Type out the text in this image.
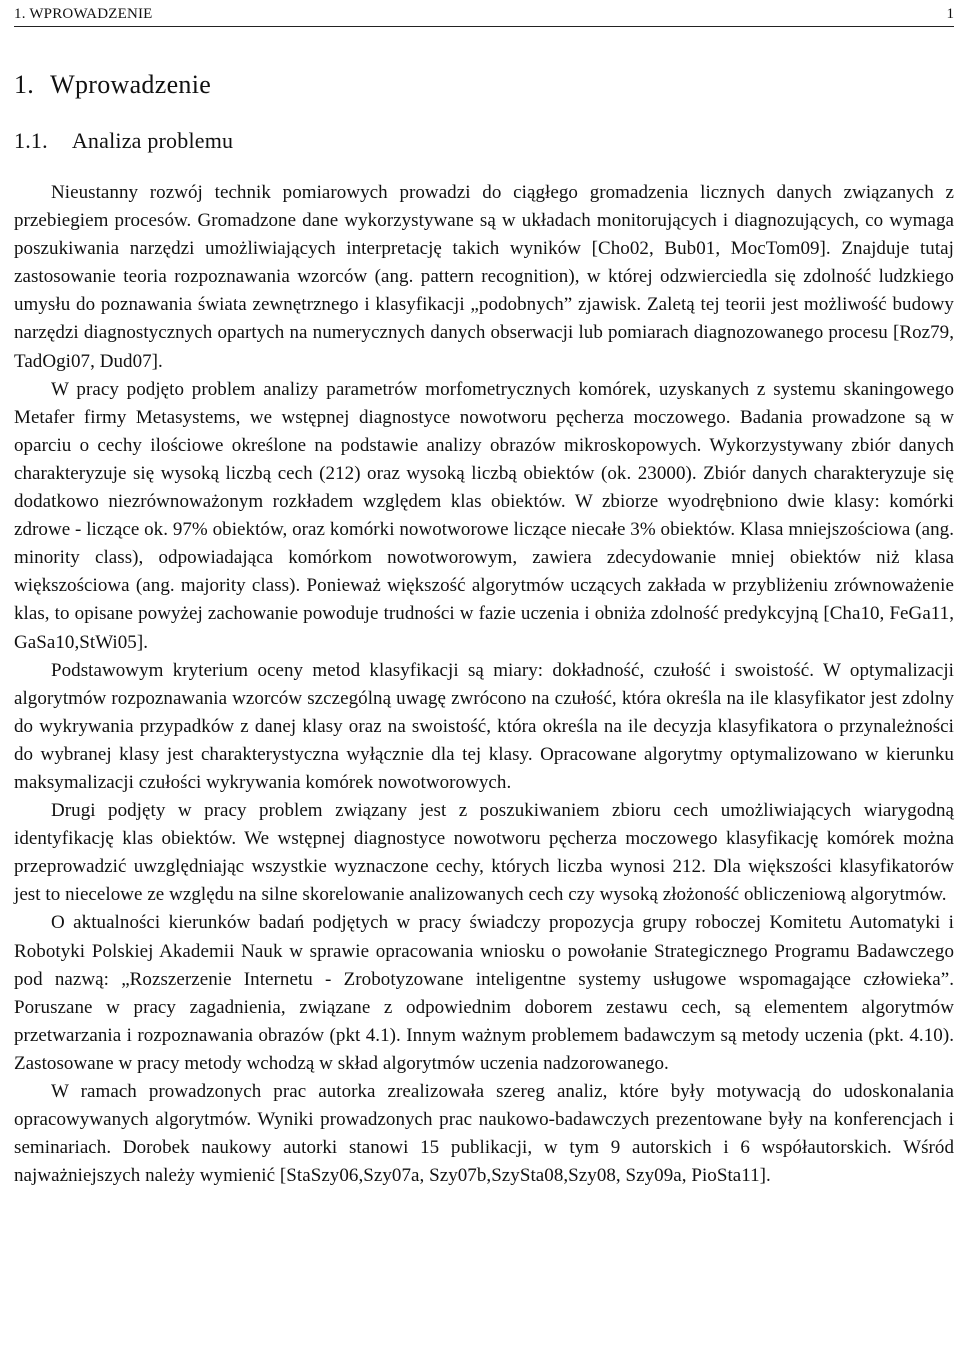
1. WPROWADZENIE	1
1. Wprowadzenie
1.1. Analiza problemu

Nieustanny rozwój technik pomiarowych prowadzi do ciągłego gromadzenia licznych danych związanych z przebiegiem procesów. Gromadzone dane wykorzystywane są w układach monitorujących i diagnozujących, co wymaga poszukiwania narzędzi umożliwiających interpretację takich wyników [Cho02, Bub01, MocTom09]. Znajduje tutaj zastosowanie teoria rozpoznawania wzorców (ang. pattern recognition), w której odzwierciedla się zdolność ludzkiego umysłu do poznawania świata zewnętrznego i klasyfikacji „podobnych” zjawisk. Zaletą tej teorii jest możliwość budowy narzędzi diagnostycznych opartych na numerycznych danych obserwacji lub pomiarach diagnozowanego procesu [Roz79, TadOgi07, Dud07].

W pracy podjęto problem analizy parametrów morfometrycznych komórek, uzyskanych z systemu skaningowego Metafer firmy Metasystems, we wstępnej diagnostyce nowotworu pęcherza moczowego. Badania prowadzone są w oparciu o cechy ilościowe określone na podstawie analizy obrazów mikroskopowych. Wykorzystywany zbiór danych charakteryzuje się wysoką liczbą cech (212) oraz wysoką liczbą obiektów (ok. 23000). Zbiór danych charakteryzuje się dodatkowo niezrównoważonym rozkładem względem klas obiektów. W zbiorze wyodrębniono dwie klasy: komórki zdrowe - liczące ok. 97% obiektów, oraz komórki nowotworowe liczące niecałe 3% obiektów. Klasa mniejszościowa (ang. minority class), odpowiadająca komórkom nowotworowym, zawiera zdecydowanie mniej obiektów niż klasa większościowa (ang. majority class). Ponieważ większość algorytmów uczących zakłada w przybliżeniu zrównoważenie klas, to opisane powyżej zachowanie powoduje trudności w fazie uczenia i obniża zdolność predykcyjną [Cha10, FeGa11, GaSa10,StWi05].

Podstawowym kryterium oceny metod klasyfikacji są miary: dokładność, czułość i swoistość. W optymalizacji algorytmów rozpoznawania wzorców szczególną uwagę zwrócono na czułość, która określa na ile klasyfikator jest zdolny do wykrywania przypadków z danej klasy oraz na swoistość, która określa na ile decyzja klasyfikatora o przynależności do wybranej klasy jest charakterystyczna wyłącznie dla tej klasy. Opracowane algorytmy optymalizowano w kierunku maksymalizacji czułości wykrywania komórek nowotworowych.

Drugi podjęty w pracy problem związany jest z poszukiwaniem zbioru cech umożliwiających wiarygodną identyfikację klas obiektów. We wstępnej diagnostyce nowotworu pęcherza moczowego klasyfikację komórek można przeprowadzić uwzględniając wszystkie wyznaczone cechy, których liczba wynosi 212. Dla większości klasyfikatorów jest to niecelowe ze względu na silne skorelowanie analizowanych cech czy wysoką złożoność obliczeniową algorytmów.

O aktualności kierunków badań podjętych w pracy świadczy propozycja grupy roboczej Komitetu Automatyki i Robotyki Polskiej Akademii Nauk w sprawie opracowania wniosku o powołanie Strategicznego Programu Badawczego pod nazwą: „Rozszerzenie Internetu - Zrobotyzowane inteligentne systemy usługowe wspomagające człowieka”. Poruszane w pracy zagadnienia, związane z odpowiednim doborem zestawu cech, są elementem algorytmów przetwarzania i rozpoznawania obrazów (pkt 4.1). Innym ważnym problemem badawczym są metody uczenia (pkt. 4.10). Zastosowane w pracy metody wchodzą w skład algorytmów uczenia nadzorowanego.

W ramach prowadzonych prac autorka zrealizowała szereg analiz, które były motywacją do udoskonalania opracowywanych algorytmów. Wyniki prowadzonych prac naukowo-badawczych prezentowane były na konferencjach i seminariach. Dorobek naukowy autorki stanowi 15 publikacji, w tym 9 autorskich i 6 współautorskich. Wśród najważniejszych należy wymienić [StaSzy06,Szy07a, Szy07b,SzySta08,Szy08, Szy09a, PioSta11].
